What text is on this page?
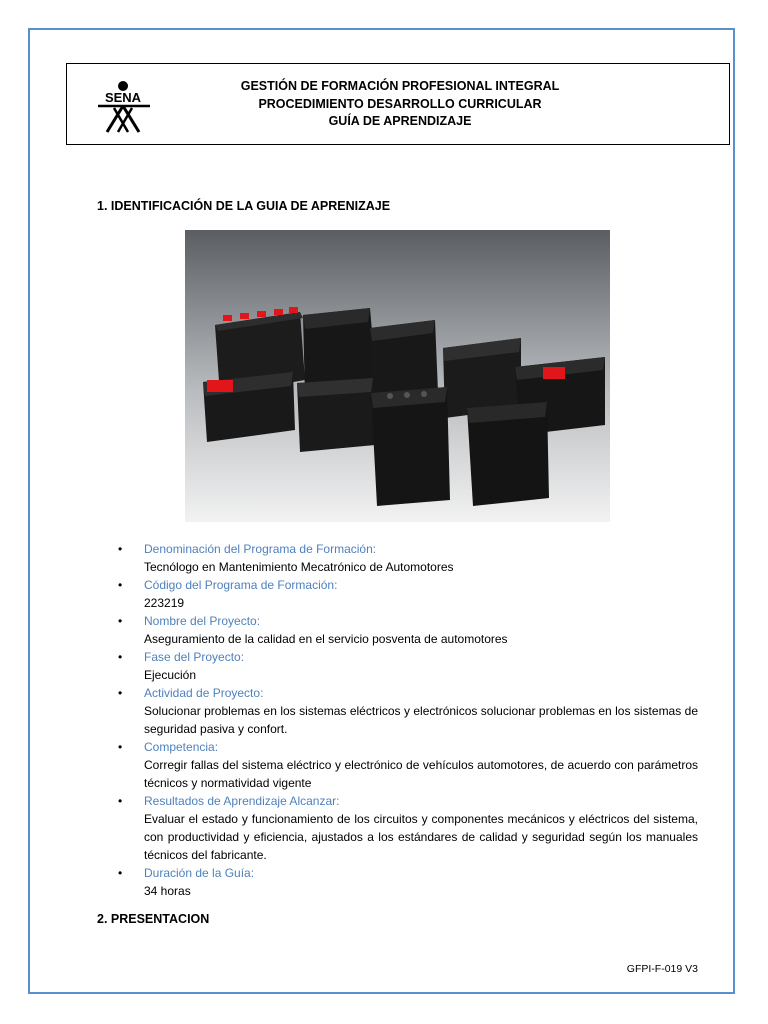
SENA
GESTIÓN DE FORMACIÓN PROFESIONAL INTEGRAL
PROCEDIMIENTO DESARROLLO CURRICULAR
GUÍA DE APRENDIZAJE
1. IDENTIFICACIÓN DE LA GUIA DE APRENIZAJE
• Denominación del Programa de Formación:
Tecnólogo en Mantenimiento Mecatrónico de Automotores
• Código del Programa de Formación:
223219
• Nombre del Proyecto:
Aseguramiento de la calidad en el servicio posventa de automotores
• Fase del Proyecto:
Ejecución
• Actividad de Proyecto:
Solucionar problemas en los sistemas eléctricos y electrónicos solucionar problemas en los sistemas de seguridad pasiva y confort.
• Competencia:
Corregir fallas del sistema eléctrico y electrónico de vehículos automotores, de acuerdo con parámetros técnicos y normatividad vigente
• Resultados de Aprendizaje Alcanzar:
Evaluar el estado y funcionamiento de los circuitos y componentes mecánicos y eléctricos del sistema, con productividad y eficiencia, ajustados a los estándares de calidad y seguridad según los manuales técnicos del fabricante.
• Duración de la Guía:
34 horas
2. PRESENTACION
GFPI-F-019 V3
